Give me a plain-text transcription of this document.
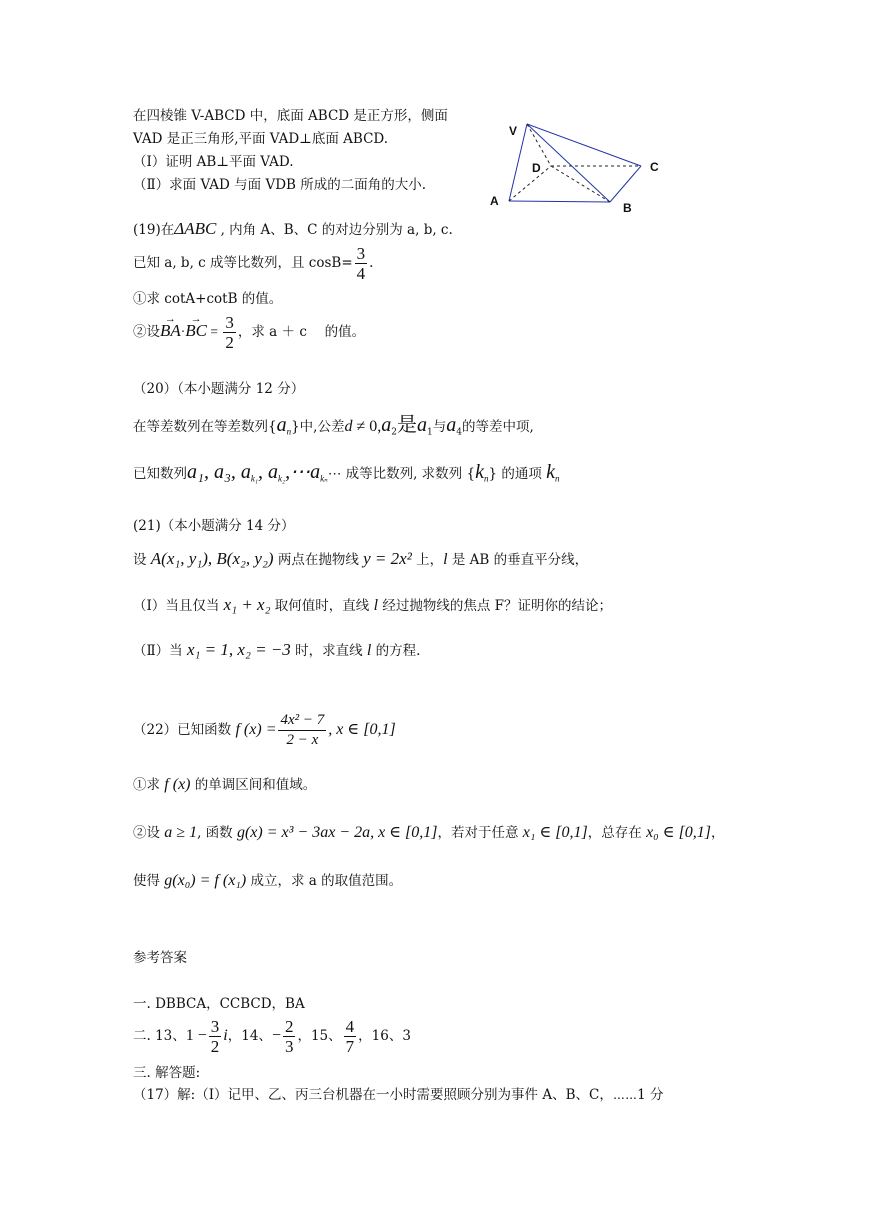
在四棱锥 V-ABCD 中，底面 ABCD 是正方形，侧面
VAD 是正三角形,平面 VAD⊥底面 ABCD.
（Ⅰ）证明 AB⊥平面 VAD.
（Ⅱ）求面 VAD 与面 VDB 所成的二面角的大小.
V
D	C
A	B
(19)在ΔABC , 内角 A、B、C 的对边分别为 a, b, c.
已知 a, b, c 成等比数列，且 $\cos B= \frac{3}{4}$ .
①求 cotA+cotB 的值。
②设→ BA·→ BC = $\frac{3}{2}$ ，求 a ＋ c　 的值。
（20）（本小题满分 12 分）
在等差数列在等差数列$\{a_n\}$中,公差$d \ne 0,a_2$是$a_1$与$a_4$的等差中项,
已知数列a₁, a₃, $a_{k_1}$, $a_{k_2},\cdots a_{k_n}\cdots$ 成等比数列, 求数列 $\{k_n\}$ 的通项 $k_n$
(21)（本小题满分 14 分）
设 A(x₁, y₁), B(x₂, y₂) 两点在抛物线 y = 2x² 上，l 是 AB 的垂直平分线，
（Ⅰ）当且仅当 x₁ + x₂ 取何值时，直线 l 经过抛物线的焦点 F？证明你的结论；
（Ⅱ）当 x₁ = 1, x₂ = −3 时，求直线 l 的方程.
（22）已知函数 f $(x) = \frac{\text{4x² − 7}}{2 - x}$ , x ∈ [0,1]
①求 f (x) 的单调区间和值域。
②设 a ≥ 1, 函数 g(x) = x³ − 3ax − 2a, x ∈ [0,1]，若对于任意 x₁ ∈ [0,1]，总存在 x₀ ∈ [0,1]，
使得 g(x₀) = f (x₁) 成立，求 a 的取值范围。
参考答案
一. DBBCA，CCBCD，BA
二. 13、$1 - \frac{3}{2}$ i，14、− $\frac{2}{3}$ ，15、 $\frac{4}{7}$ ，16、3
三. 解答题:
（17）解:（Ⅰ）记甲、乙、丙三台机器在一小时需要照顾分别为事件 A、B、C，⋯⋯1 分
